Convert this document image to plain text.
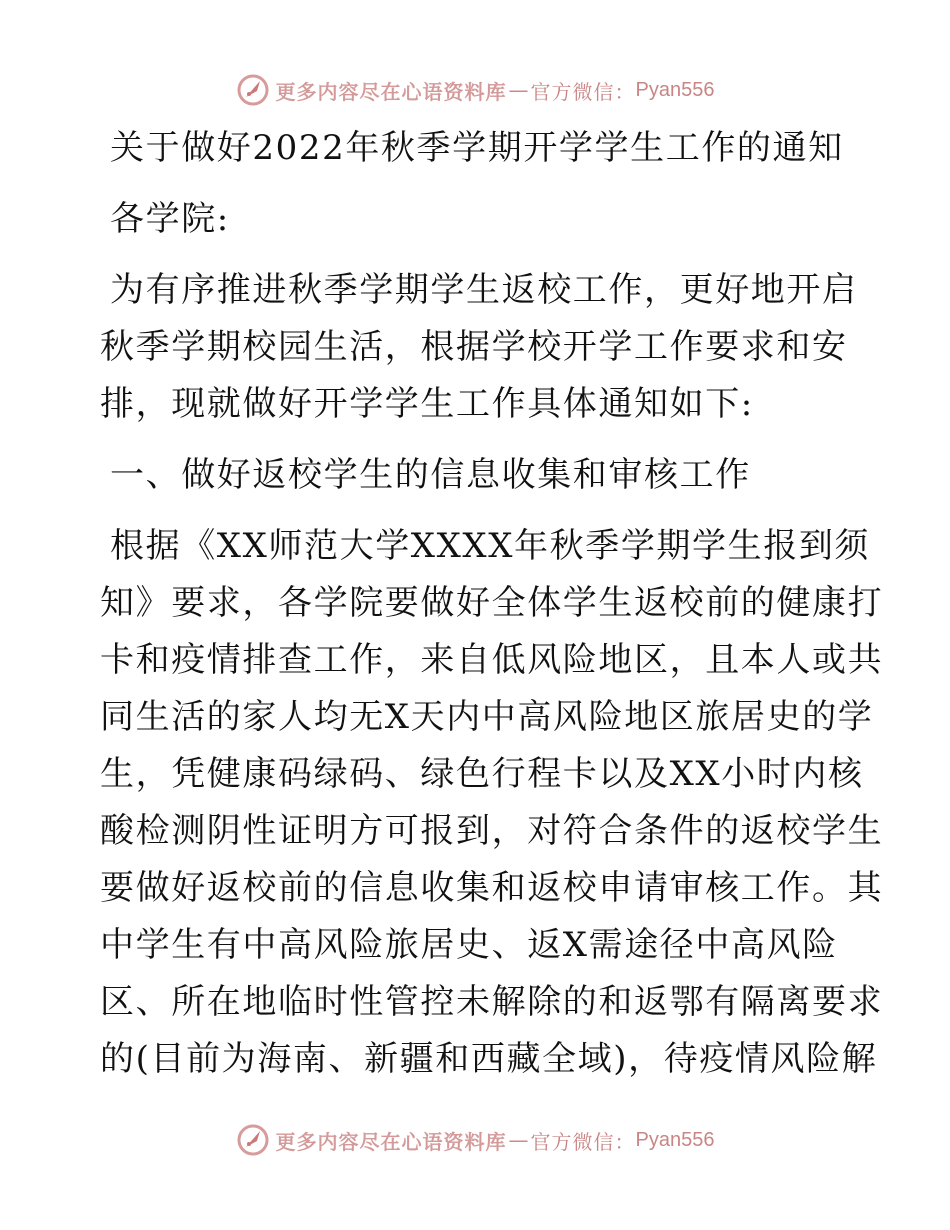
更多内容尽在心语资料库 — 官方微信： Pyan556
关于做好2022年秋季学期开学学生工作的通知
各学院:
为有序推进秋季学期学生返校工作，更好地开启
秋季学期校园生活，根据学校开学工作要求和安
排，现就做好开学学生工作具体通知如下:
一、做好返校学生的信息收集和审核工作
根据《XX师范大学XXXX年秋季学期学生报到须
知》要求，各学院要做好全体学生返校前的健康打
卡和疫情排查工作，来自低风险地区，且本人或共
同生活的家人均无X天内中高风险地区旅居史的学
生，凭健康码绿码、绿色行程卡以及XX小时内核
酸检测阴性证明方可报到，对符合条件的返校学生
要做好返校前的信息收集和返校申请审核工作。其
中学生有中高风险旅居史、返X需途径中高风险
区、所在地临时性管控未解除的和返鄂有隔离要求
的(目前为海南、新疆和西藏全域)，待疫情风险解
更多内容尽在心语资料库 — 官方微信： Pyan556
